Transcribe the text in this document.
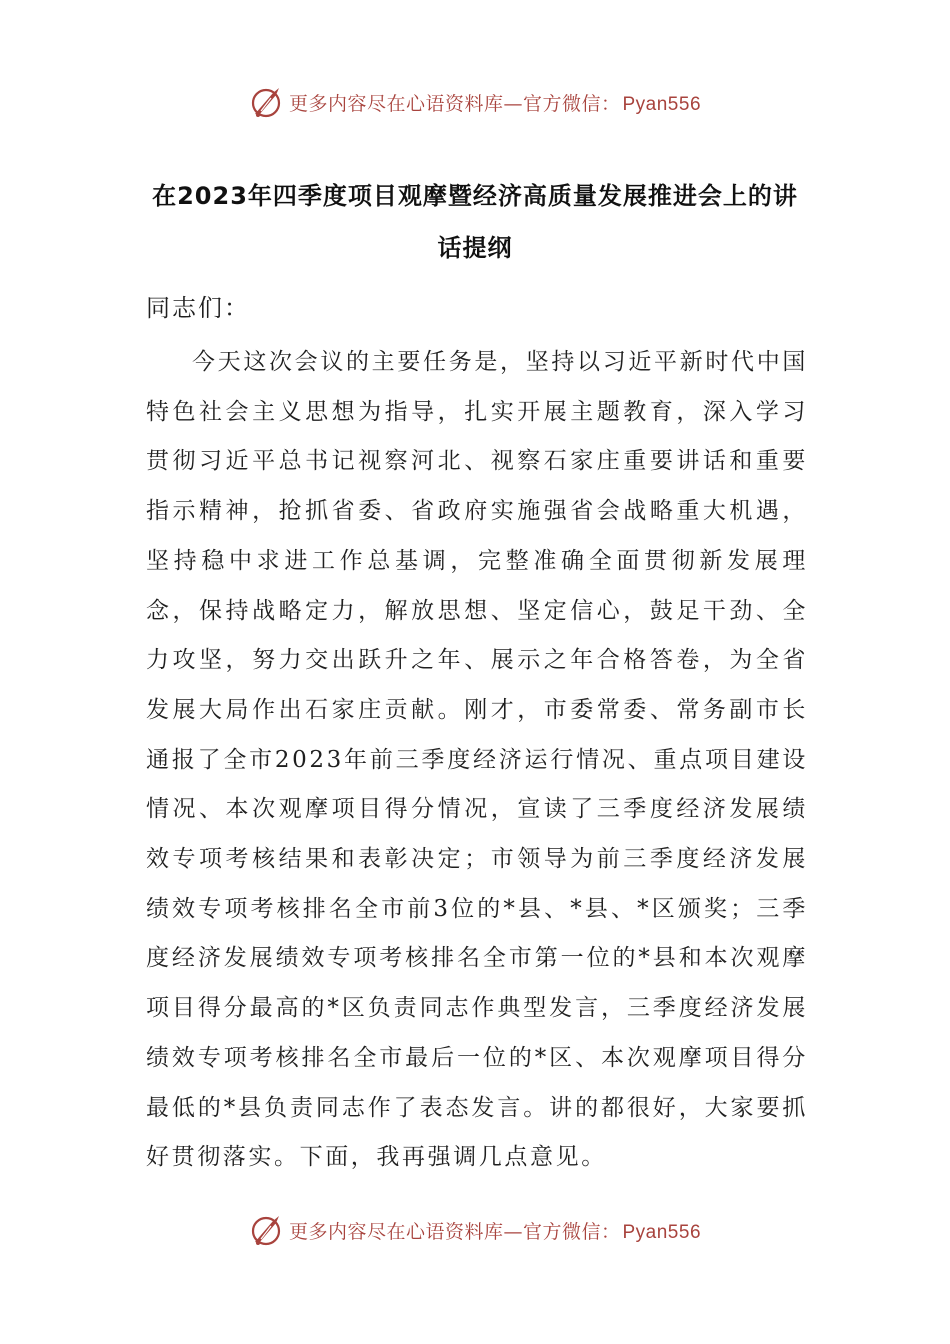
更多内容尽在心语资料库—官方微信： Pyan556
在2023年四季度项目观摩暨经济高质量发展推进会上的讲话提纲
同志们：

今天这次会议的主要任务是，坚持以习近平新时代中国特色社会主义思想为指导，扎实开展主题教育，深入学习贯彻习近平总书记视察河北、视察石家庄重要讲话和重要指示精神，抢抓省委、省政府实施强省会战略重大机遇，坚持稳中求进工作总基调，完整准确全面贯彻新发展理念，保持战略定力，解放思想、坚定信心，鼓足干劲、全力攻坚，努力交出跃升之年、展示之年合格答卷，为全省发展大局作出石家庄贡献。刚才，市委常委、常务副市长通报了全市2023年前三季度经济运行情况、重点项目建设情况、本次观摩项目得分情况，宣读了三季度经济发展绩效专项考核结果和表彰决定；市领导为前三季度经济发展绩效专项考核排名全市前3位的*县、*县、*区颁奖；三季度经济发展绩效专项考核排名全市第一位的*县和本次观摩项目得分最高的*区负责同志作典型发言，三季度经济发展绩效专项考核排名全市最后一位的*区、本次观摩项目得分最低的*县负责同志作了表态发言。讲的都很好，大家要抓好贯彻落实。下面，我再强调几点意见。

更多内容尽在心语资料库—官方微信： Pyan556
